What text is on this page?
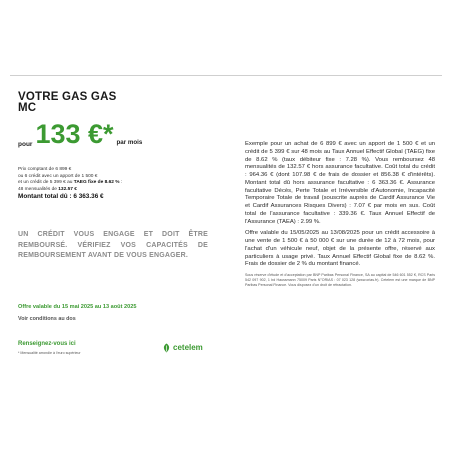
VOTRE GAS GAS
MC
pour 133 €* par mois
Prix comptant de 6 899 €
ou 6 crédit avec un apport de 1 500 €
et un crédit de 5 399 € au TAEG fixe de 8.62 % :
48 mensualités de 132.57 €
Montant total dû : 6 363.36 €
UN CRÉDIT VOUS ENGAGE ET DOIT ÊTRE REMBOURSÉ. VÉRIFIEZ VOS CAPACITÉS DE REMBOURSEMENT AVANT DE VOUS ENGAGER.
Offre valable du 15 mai 2025 au 13 août 2025
Voir conditions au dos
Renseignez-vous ici
* Mensualité arrondie à l'euro supérieur
cetelem

Exemple pour un achat de 6 899 € avec un apport de 1 500 € et un crédit de 5 399 € sur 48 mois au Taux Annuel Effectif Global (TAEG) fixe de 8.62 % (taux débiteur fixe : 7.28 %). Vous remboursez 48 mensualités de 132.57 € hors assurance facultative. Coût total du crédit : 964.36 € (dont 107.98 € de frais de dossier et 856.38 € d'intérêts). Montant total dû hors assurance facultative : 6 363.36 €. Assurance facultative Décès, Perte Totale et Irréversible d'Autonomie, Incapacité Temporaire Totale de travail (souscrite auprès de Cardif Assurance Vie et Cardif Assurances Risques Divers) : 7.07 € par mois en sus. Coût total de l'assurance facultative : 339.36 €. Taux Annuel Effectif de l'Assurance (TAEA) : 2.99 %.

Offre valable du 15/05/2025 au 13/08/2025 pour un crédit accessoire à une vente de 1 500 € à 50 000 € sur une durée de 12 à 72 mois, pour l'achat d'un véhicule neuf, objet de la présente offre, réservé aux particuliers à usage privé. Taux Annuel Effectif Global fixe de 8.62 %. Frais de dossier de 2 % du montant financé.

Sous réserve d'étude et d'acceptation par BNP Paribas Personal Finance, SA au capital de 546 601 552 €, RCS Paris 542 097 902, 1 bd Haussmann 75009 Paris N°ORIAS : 07 023 128 (www.orias.fr). Cetelem est une marque de BNP Paribas Personal Finance. Vous disposez d'un droit de rétractation.
